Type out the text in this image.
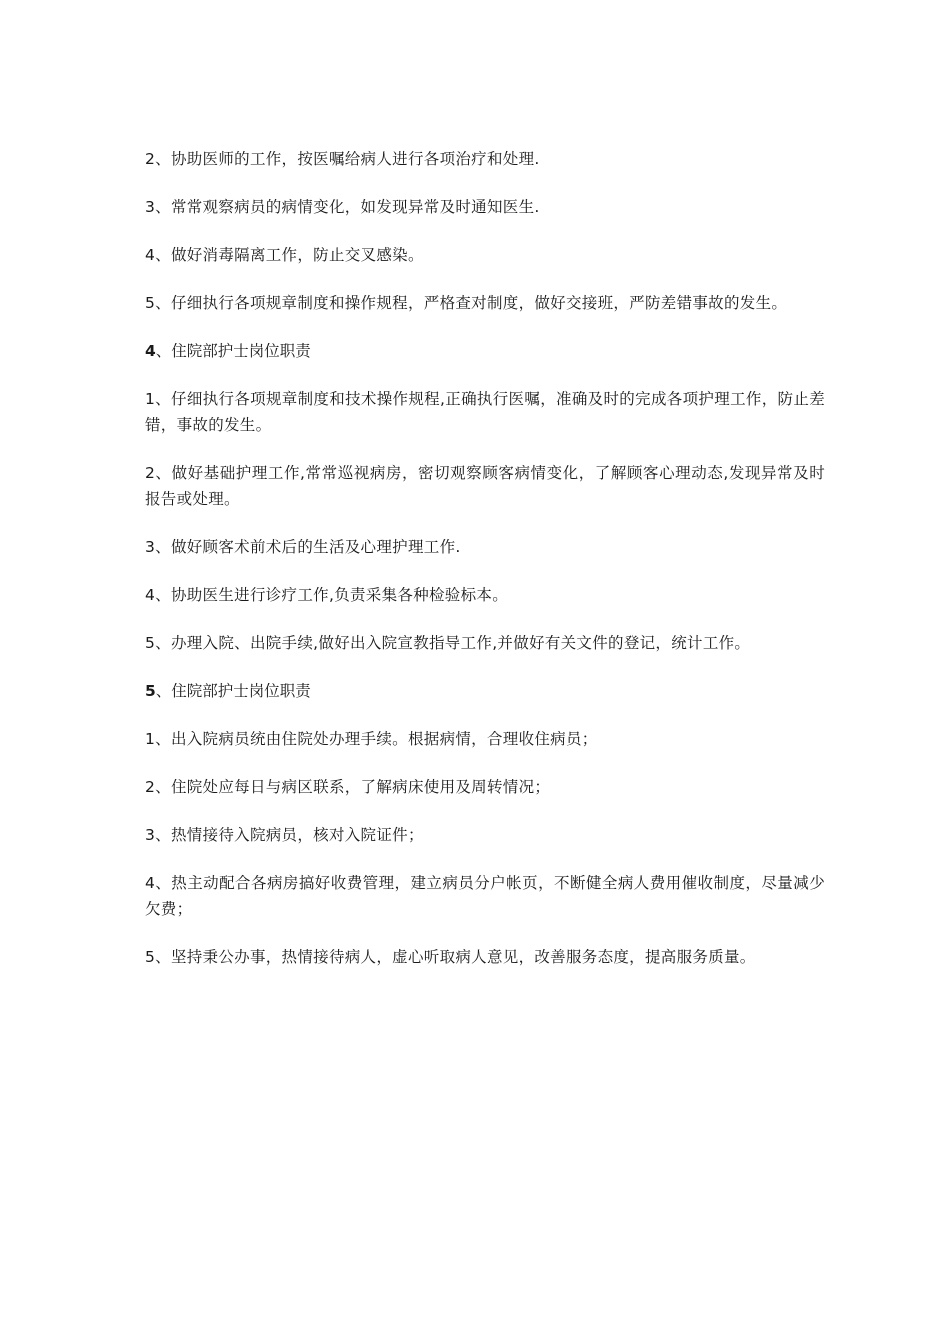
2、协助医师的工作，按医嘱给病人进行各项治疗和处理.

3、常常观察病员的病情变化，如发现异常及时通知医生.

4、做好消毒隔离工作，防止交叉感染。

5、仔细执行各项规章制度和操作规程，严格查对制度，做好交接班，严防差错事故的发生。

4、住院部护士岗位职责

1、仔细执行各项规章制度和技术操作规程,正确执行医嘱，准确及时的完成各项护理工作，防止差错，事故的发生。

2、做好基础护理工作,常常巡视病房，密切观察顾客病情变化，了解顾客心理动态,发现异常及时报告或处理。

3、做好顾客术前术后的生活及心理护理工作.

4、协助医生进行诊疗工作,负责采集各种检验标本。

5、办理入院、出院手续,做好出入院宣教指导工作,并做好有关文件的登记，统计工作。

5、住院部护士岗位职责

1、出入院病员统由住院处办理手续。根据病情，合理收住病员；

2、住院处应每日与病区联系，了解病床使用及周转情况；

3、热情接待入院病员，核对入院证件；

4、热主动配合各病房搞好收费管理，建立病员分户帐页，不断健全病人费用催收制度，尽量减少欠费；

5、坚持秉公办事，热情接待病人，虚心听取病人意见，改善服务态度，提高服务质量。
